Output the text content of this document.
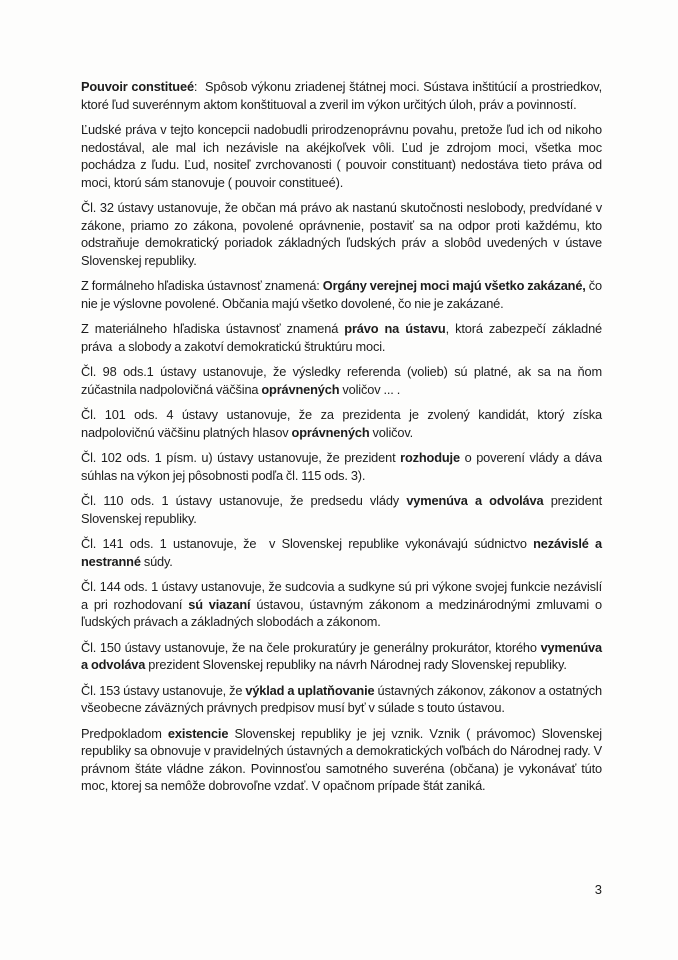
Pouvoir constitueé:  Spôsob výkonu zriadenej štátnej moci. Sústava inštitúcií a prostriedkov, ktoré ľud suverénnym aktom konštituoval a zveril im výkon určitých úloh, práv a povinností.

Ľudské práva v tejto koncepcii nadobudli prirodzenoprávnu povahu, pretože ľud ich od nikoho nedostával, ale mal ich nezávisle na akéjkoľvek vôli. Ľud je zdrojom moci, všetka moc pochádza z ľudu. Ľud, nositeľ zvrchovanosti ( pouvoir constituant) nedostáva tieto práva od moci, ktorú sám stanovuje ( pouvoir constitueé).

Čl. 32 ústavy ustanovuje, že občan má právo ak nastanú skutočnosti neslobody, predvídané v zákone, priamo zo zákona, povolené oprávnenie, postaviť sa na odpor proti každému, kto odstraňuje demokratický poriadok základných ľudských práv a slobôd uvedených v ústave Slovenskej republiky.

Z formálneho hľadiska ústavnosť znamená: Orgány verejnej moci majú všetko zakázané, čo nie je výslovne povolené. Občania majú všetko dovolené, čo nie je zakázané.

Z materiálneho hľadiska ústavnosť znamená právo na ústavu, ktorá zabezpečí základné práva  a slobody a zakotví demokratickú štruktúru moci.

Čl. 98 ods.1 ústavy ustanovuje, že výsledky referenda (volieb) sú platné, ak sa na ňom zúčastnila nadpolovičná väčšina oprávnených voličov ... .

Čl. 101 ods. 4 ústavy ustanovuje, že za prezidenta je zvolený kandidát, ktorý získa nadpolovičnú väčšinu platných hlasov oprávnených voličov.

Čl. 102 ods. 1 písm. u) ústavy ustanovuje, že prezident rozhoduje o poverení vlády a dáva súhlas na výkon jej pôsobnosti podľa čl. 115 ods. 3).

Čl. 110 ods. 1 ústavy ustanovuje, že predsedu vlády vymenúva a odvoláva prezident Slovenskej republiky.

Čl. 141 ods. 1 ustanovuje, že  v Slovenskej republike vykonávajú súdnictvo nezávislé a nestranné súdy.

Čl. 144 ods. 1 ústavy ustanovuje, že sudcovia a sudkyne sú pri výkone svojej funkcie nezávislí a pri rozhodovaní sú viazaní ústavou, ústavným zákonom a medzinárodnými zmluvami o ľudských právach a základných slobodách a zákonom.

Čl. 150 ústavy ustanovuje, že na čele prokuratúry je generálny prokurátor, ktorého vymenúva a odvoláva prezident Slovenskej republiky na návrh Národnej rady Slovenskej republiky.

Čl. 153 ústavy ustanovuje, že výklad a uplatňovanie ústavných zákonov, zákonov a ostatných všeobecne záväzných právnych predpisov musí byť v súlade s touto ústavou.

Predpokladom existencie Slovenskej republiky je jej vznik. Vznik ( právomoc) Slovenskej republiky sa obnovuje v pravidelných ústavných a demokratických voľbách do Národnej rady. V právnom štáte vládne zákon. Povinnosťou samotného suveréna (občana) je vykonávať túto moc, ktorej sa nemôže dobrovoľne vzdať. V opačnom prípade štát zaniká.

3
